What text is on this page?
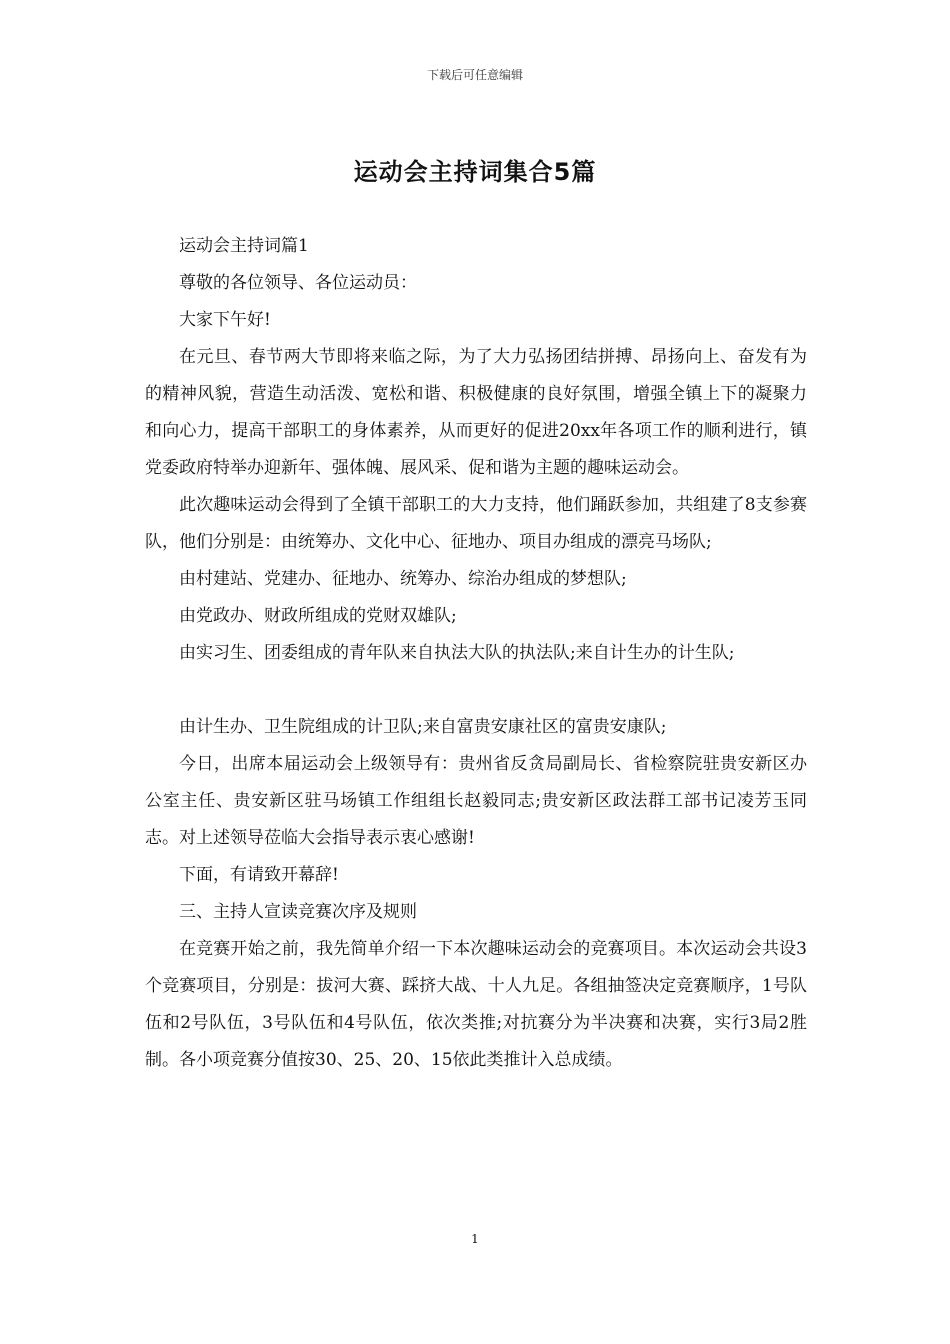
下载后可任意编辑
运动会主持词集合5篇

运动会主持词篇1

尊敬的各位领导、各位运动员：

大家下午好!

在元旦、春节两大节即将来临之际，为了大力弘扬团结拼搏、昂扬向上、奋发有为的精神风貌，营造生动活泼、宽松和谐、积极健康的良好氛围，增强全镇上下的凝聚力和向心力，提高干部职工的身体素养，从而更好的促进20xx年各项工作的顺利进行，镇党委政府特举办迎新年、强体魄、展风采、促和谐为主题的趣味运动会。

此次趣味运动会得到了全镇干部职工的大力支持，他们踊跃参加，共组建了8支参赛队，他们分别是：由统筹办、文化中心、征地办、项目办组成的漂亮马场队;

由村建站、党建办、征地办、统筹办、综治办组成的梦想队;

由党政办、财政所组成的党财双雄队;

由实习生、团委组成的青年队来自执法大队的执法队;来自计生办的计生队;

由计生办、卫生院组成的计卫队;来自富贵安康社区的富贵安康队;

今日，出席本届运动会上级领导有：贵州省反贪局副局长、省检察院驻贵安新区办公室主任、贵安新区驻马场镇工作组组长赵毅同志;贵安新区政法群工部书记凌芳玉同志。对上述领导莅临大会指导表示衷心感谢!

下面，有请致开幕辞!

三、主持人宣读竞赛次序及规则

在竞赛开始之前，我先简单介绍一下本次趣味运动会的竞赛项目。本次运动会共设3个竞赛项目，分别是：拔河大赛、踩挤大战、十人九足。各组抽签决定竞赛顺序，1号队伍和2号队伍，3号队伍和4号队伍，依次类推;对抗赛分为半决赛和决赛，实行3局2胜制。各小项竞赛分值按30、25、20、15依此类推计入总成绩。

1
